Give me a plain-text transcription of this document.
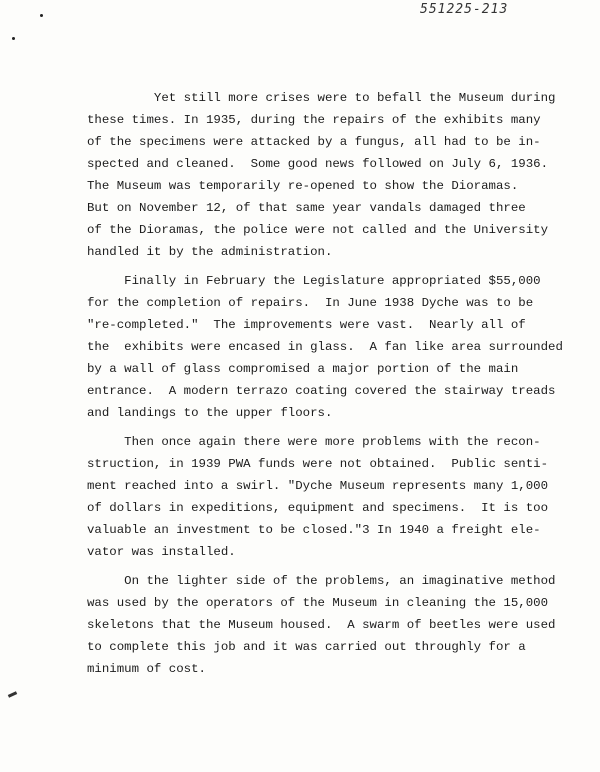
551225-213
Yet still more crises were to befall the Museum during
these times. In 1935, during the repairs of the exhibits many
of the specimens were attacked by a fungus, all had to be in-
spected and cleaned.  Some good news followed on July 6, 1936.
The Museum was temporarily re-opened to show the Dioramas.
But on November 12, of that same year vandals damaged three
of the Dioramas, the police were not called and the University
handled it by the administration.
Finally in February the Legislature appropriated $55,000
for the completion of repairs.  In June 1938 Dyche was to be
"re-completed."  The improvements were vast.  Nearly all of
the  exhibits were encased in glass.  A fan like area surrounded
by a wall of glass compromised a major portion of the main
entrance.  A modern terrazo coating covered the stairway treads
and landings to the upper floors.
Then once again there were more problems with the recon-
struction, in 1939 PWA funds were not obtained.  Public senti-
ment reached into a swirl. "Dyche Museum represents many 1,000
of dollars in expeditions, equipment and specimens.  It is too
valuable an investment to be closed."3 In 1940 a freight ele-
vator was installed.
On the lighter side of the problems, an imaginative method
was used by the operators of the Museum in cleaning the 15,000
skeletons that the Museum housed.  A swarm of beetles were used
to complete this job and it was carried out throughly for a
minimum of cost.
